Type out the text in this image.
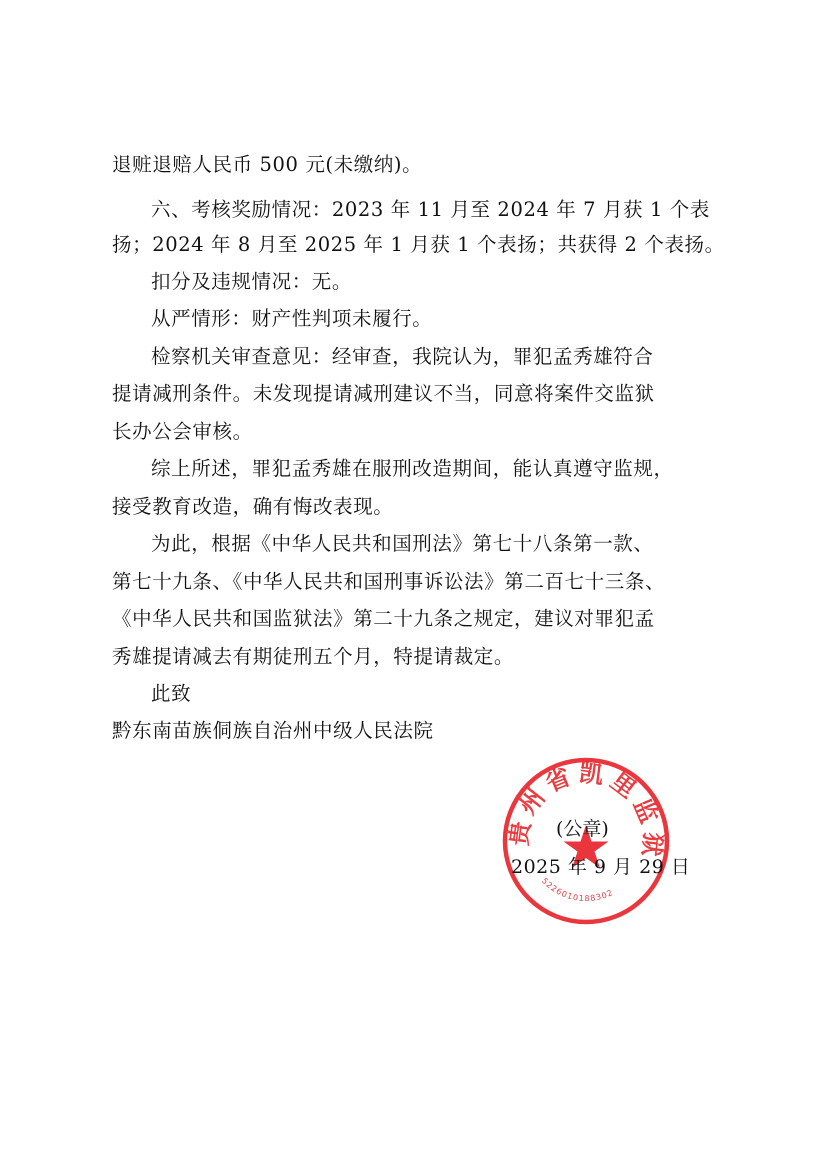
退赃退赔人民币 500 元(未缴纳)。
六、考核奖励情况：2023 年 11 月至 2024 年 7 月获 1 个表
扬；2024 年 8 月至 2025 年 1 月获 1 个表扬；共获得 2 个表扬。
扣分及违规情况：无。
从严情形：财产性判项未履行。
检察机关审查意见：经审查，我院认为，罪犯孟秀雄符合
提请减刑条件。未发现提请减刑建议不当，同意将案件交监狱
长办公会审核。
综上所述，罪犯孟秀雄在服刑改造期间，能认真遵守监规，
接受教育改造，确有悔改表现。
为此，根据《中华人民共和国刑法》第七十八条第一款、
第七十九条、《中华人民共和国刑事诉讼法》第二百七十三条、
《中华人民共和国监狱法》第二十九条之规定，建议对罪犯孟
秀雄提请减去有期徒刑五个月，特提请裁定。
此致
黔东南苗族侗族自治州中级人民法院
贵州省凯里监狱
5226010188302
(公章)
2025 年 9 月 29 日
